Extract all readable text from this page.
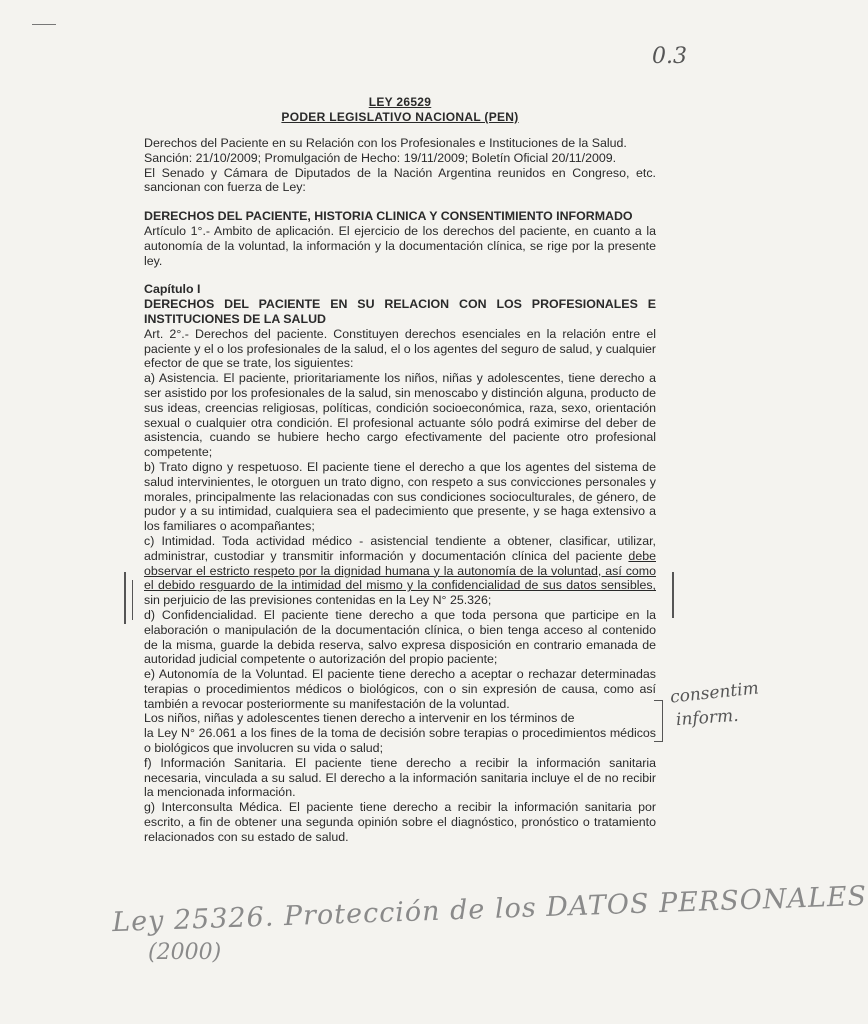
0.3
LEY 26529
PODER LEGISLATIVO NACIONAL (PEN)

Derechos del Paciente en su Relación con los Profesionales e Instituciones de la Salud.

Sanción: 21/10/2009; Promulgación de Hecho: 19/11/2009; Boletín Oficial 20/11/2009.

El Senado y Cámara de Diputados de la Nación Argentina reunidos en Congreso, etc. sancionan con fuerza de Ley:

DERECHOS DEL PACIENTE, HISTORIA CLINICA Y CONSENTIMIENTO INFORMADO

Artículo 1°.- Ambito de aplicación. El ejercicio de los derechos del paciente, en cuanto a la autonomía de la voluntad, la información y la documentación clínica, se rige por la presente ley.

Capítulo I

DERECHOS DEL PACIENTE EN SU RELACION CON LOS PROFESIONALES E INSTITUCIONES DE LA SALUD

Art. 2°.- Derechos del paciente. Constituyen derechos esenciales en la relación entre el paciente y el o los profesionales de la salud, el o los agentes del seguro de salud, y cualquier efector de que se trate, los siguientes:

a) Asistencia. El paciente, prioritariamente los niños, niñas y adolescentes, tiene derecho a ser asistido por los profesionales de la salud, sin menoscabo y distinción alguna, producto de sus ideas, creencias religiosas, políticas, condición socioeconómica, raza, sexo, orientación sexual o cualquier otra condición. El profesional actuante sólo podrá eximirse del deber de asistencia, cuando se hubiere hecho cargo efectivamente del paciente otro profesional competente;

b) Trato digno y respetuoso. El paciente tiene el derecho a que los agentes del sistema de salud intervinientes, le otorguen un trato digno, con respeto a sus convicciones personales y morales, principalmente las relacionadas con sus condiciones socioculturales, de género, de pudor y a su intimidad, cualquiera sea el padecimiento que presente, y se haga extensivo a los familiares o acompañantes;

c) Intimidad. Toda actividad médico - asistencial tendiente a obtener, clasificar, utilizar, administrar, custodiar y transmitir información y documentación clínica del paciente debe observar el estricto respeto por la dignidad humana y la autonomía de la voluntad, así como el debido resguardo de la intimidad del mismo y la confidencialidad de sus datos sensibles, sin perjuicio de las previsiones contenidas en la Ley N° 25.326;

d) Confidencialidad. El paciente tiene derecho a que toda persona que participe en la elaboración o manipulación de la documentación clínica, o bien tenga acceso al contenido de la misma, guarde la debida reserva, salvo expresa disposición en contrario emanada de autoridad judicial competente o autorización del propio paciente;

e) Autonomía de la Voluntad. El paciente tiene derecho a aceptar o rechazar determinadas terapias o procedimientos médicos o biológicos, con o sin expresión de causa, como así también a revocar posteriormente su manifestación de la voluntad.

Los niños, niñas y adolescentes tienen derecho a intervenir en los términos de

la Ley N° 26.061 a los fines de la toma de decisión sobre terapias o procedimientos médicos o biológicos que involucren su vida o salud;

f) Información Sanitaria. El paciente tiene derecho a recibir la información sanitaria necesaria, vinculada a su salud. El derecho a la información sanitaria incluye el de no recibir la mencionada información.

g) Interconsulta Médica. El paciente tiene derecho a recibir la información sanitaria por escrito, a fin de obtener una segunda opinión sobre el diagnóstico, pronóstico o tratamiento relacionados con su estado de salud.

consentim
inform.
Ley 25326. Protección de los DATOS PERSONALES
(2000)
